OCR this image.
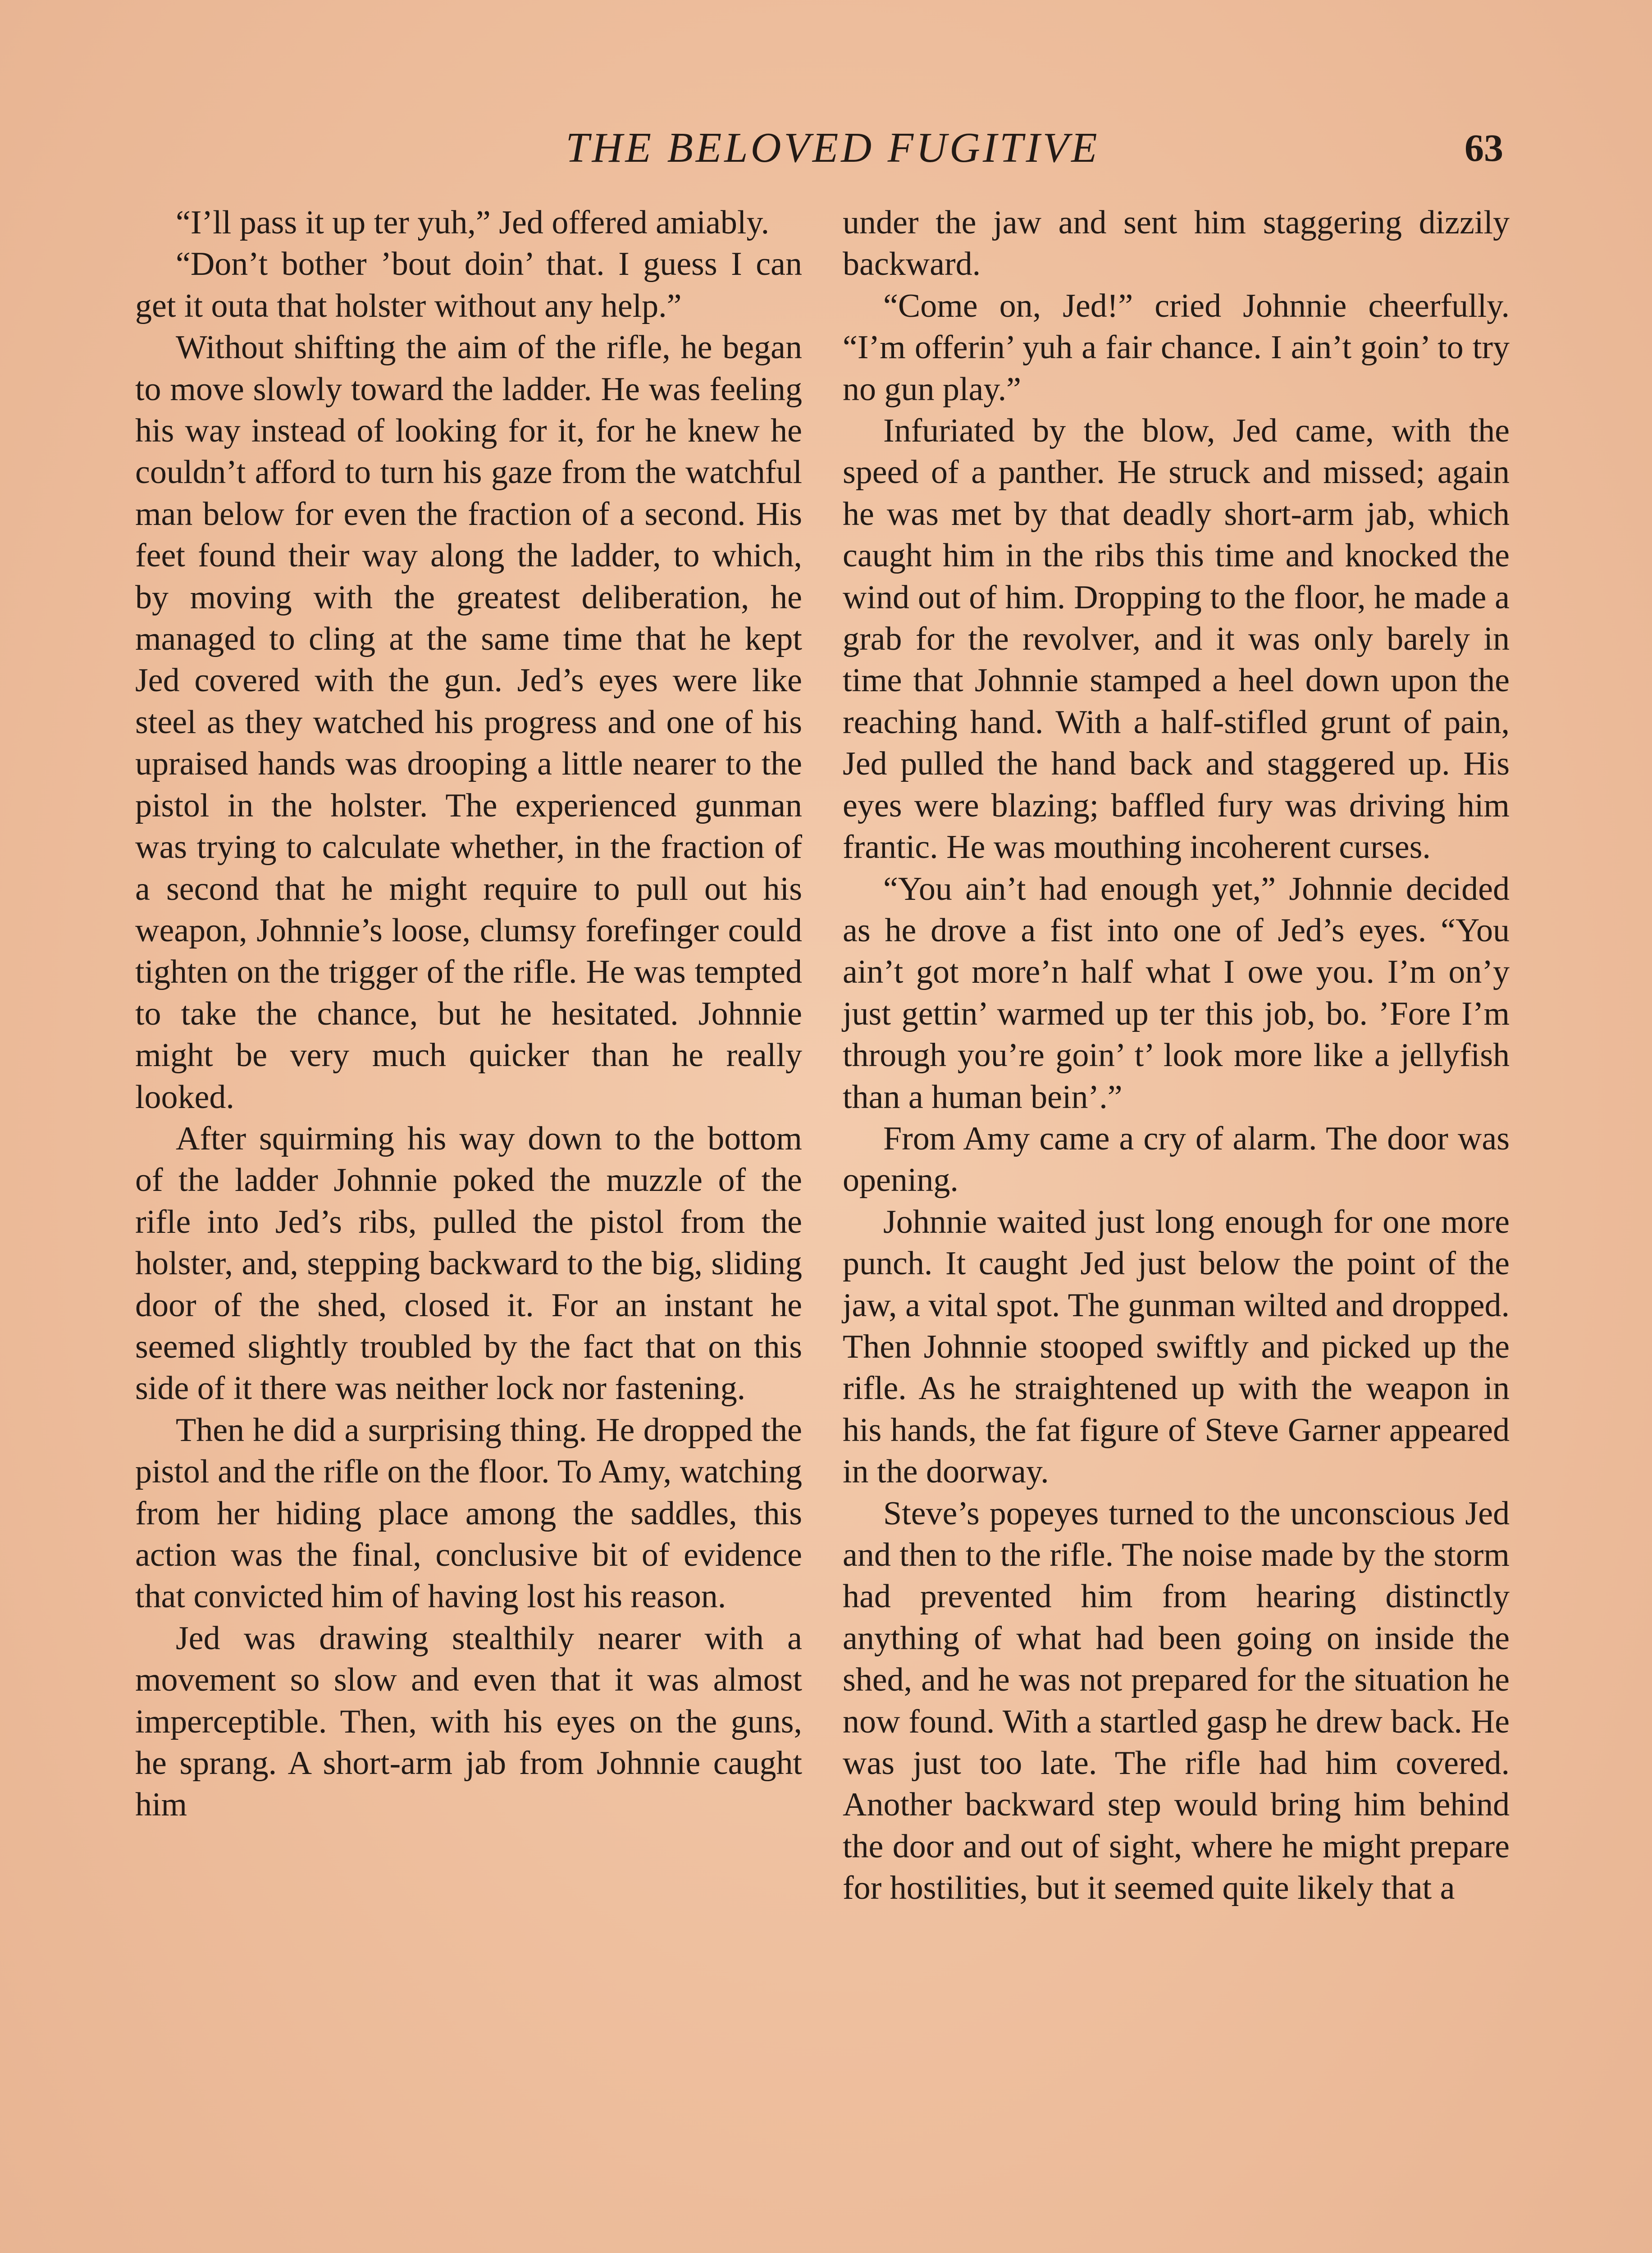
THE BELOVED FUGITIVE	63

“I’ll pass it up ter yuh,” Jed offered amiably.

“Don’t bother ’bout doin’ that. I guess I can get it outa that holster without any help.”

Without shifting the aim of the rifle, he began to move slowly toward the ladder. He was feeling his way instead of looking for it, for he knew he couldn’t afford to turn his gaze from the watchful man below for even the fraction of a second. His feet found their way along the ladder, to which, by moving with the greatest deliberation, he managed to cling at the same time that he kept Jed covered with the gun. Jed’s eyes were like steel as they watched his progress and one of his upraised hands was drooping a little nearer to the pistol in the holster. The experienced gunman was trying to calculate whether, in the fraction of a second that he might require to pull out his weapon, Johnnie’s loose, clumsy forefinger could tighten on the trigger of the rifle. He was tempted to take the chance, but he hesitated. Johnnie might be very much quicker than he really looked.

After squirming his way down to the bottom of the ladder Johnnie poked the muzzle of the rifle into Jed’s ribs, pulled the pistol from the holster, and, stepping backward to the big, sliding door of the shed, closed it. For an instant he seemed slightly troubled by the fact that on this side of it there was neither lock nor fastening.

Then he did a surprising thing. He dropped the pistol and the rifle on the floor. To Amy, watching from her hiding place among the saddles, this action was the final, conclusive bit of evidence that convicted him of having lost his reason.

Jed was drawing stealthily nearer with a movement so slow and even that it was almost imperceptible. Then, with his eyes on the guns, he sprang. A short-arm jab from Johnnie caught him

under the jaw and sent him staggering dizzily backward.

“Come on, Jed!” cried Johnnie cheerfully. “I’m offerin’ yuh a fair chance. I ain’t goin’ to try no gun play.”

Infuriated by the blow, Jed came, with the speed of a panther. He struck and missed; again he was met by that deadly short-arm jab, which caught him in the ribs this time and knocked the wind out of him. Dropping to the floor, he made a grab for the revolver, and it was only barely in time that Johnnie stamped a heel down upon the reaching hand. With a half-stifled grunt of pain, Jed pulled the hand back and staggered up. His eyes were blazing; baffled fury was driving him frantic. He was mouthing incoherent curses.

“You ain’t had enough yet,” Johnnie decided as he drove a fist into one of Jed’s eyes. “You ain’t got more’n half what I owe you. I’m on’y just gettin’ warmed up ter this job, bo. ’Fore I’m through you’re goin’ t’ look more like a jellyfish than a human bein’.”

From Amy came a cry of alarm. The door was opening.

Johnnie waited just long enough for one more punch. It caught Jed just below the point of the jaw, a vital spot. The gunman wilted and dropped. Then Johnnie stooped swiftly and picked up the rifle. As he straightened up with the weapon in his hands, the fat figure of Steve Garner appeared in the doorway.

Steve’s popeyes turned to the unconscious Jed and then to the rifle. The noise made by the storm had prevented him from hearing distinctly anything of what had been going on inside the shed, and he was not prepared for the situation he now found. With a startled gasp he drew back. He was just too late. The rifle had him covered. Another backward step would bring him behind the door and out of sight, where he might prepare for hostilities, but it seemed quite likely that a
